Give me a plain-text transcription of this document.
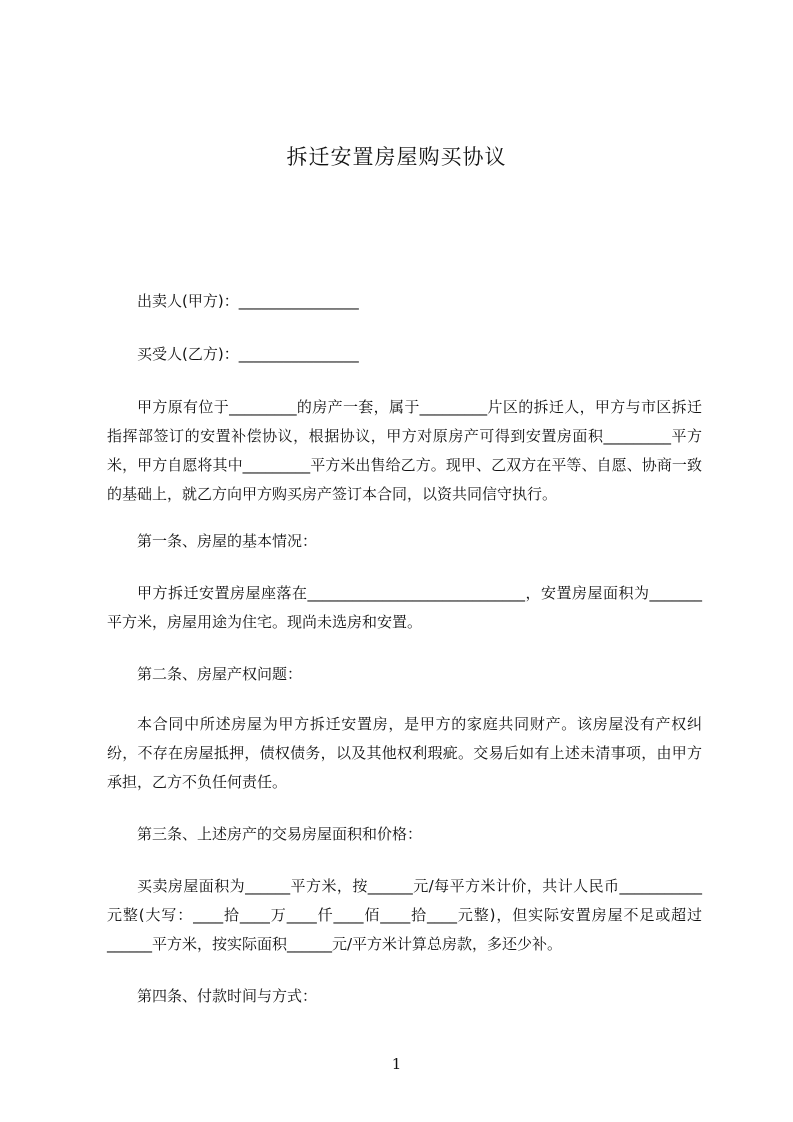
拆迁安置房屋购买协议
出卖人(甲方)：________________
买受人(乙方)：________________
甲方原有位于_________的房产一套，属于_________片区的拆迁人，甲方与市区拆迁指挥部签订的安置补偿协议，根据协议，甲方对原房产可得到安置房面积_________平方米，甲方自愿将其中_________平方米出售给乙方。现甲、乙双方在平等、自愿、协商一致的基础上，就乙方向甲方购买房产签订本合同，以资共同信守执行。
第一条、房屋的基本情况：
甲方拆迁安置房屋座落在_____________________________，安置房屋面积为_______平方米，房屋用途为住宅。现尚未选房和安置。
第二条、房屋产权问题：
本合同中所述房屋为甲方拆迁安置房，是甲方的家庭共同财产。该房屋没有产权纠纷，不存在房屋抵押，债权债务，以及其他权利瑕疵。交易后如有上述未清事项，由甲方承担，乙方不负任何责任。
第三条、上述房产的交易房屋面积和价格：
买卖房屋面积为______平方米，按______元/每平方米计价，共计人民币___________元整(大写：____拾____万____仟____佰____拾____元整)，但实际安置房屋不足或超过______平方米，按实际面积______元/平方米计算总房款，多还少补。
第四条、付款时间与方式：
1
